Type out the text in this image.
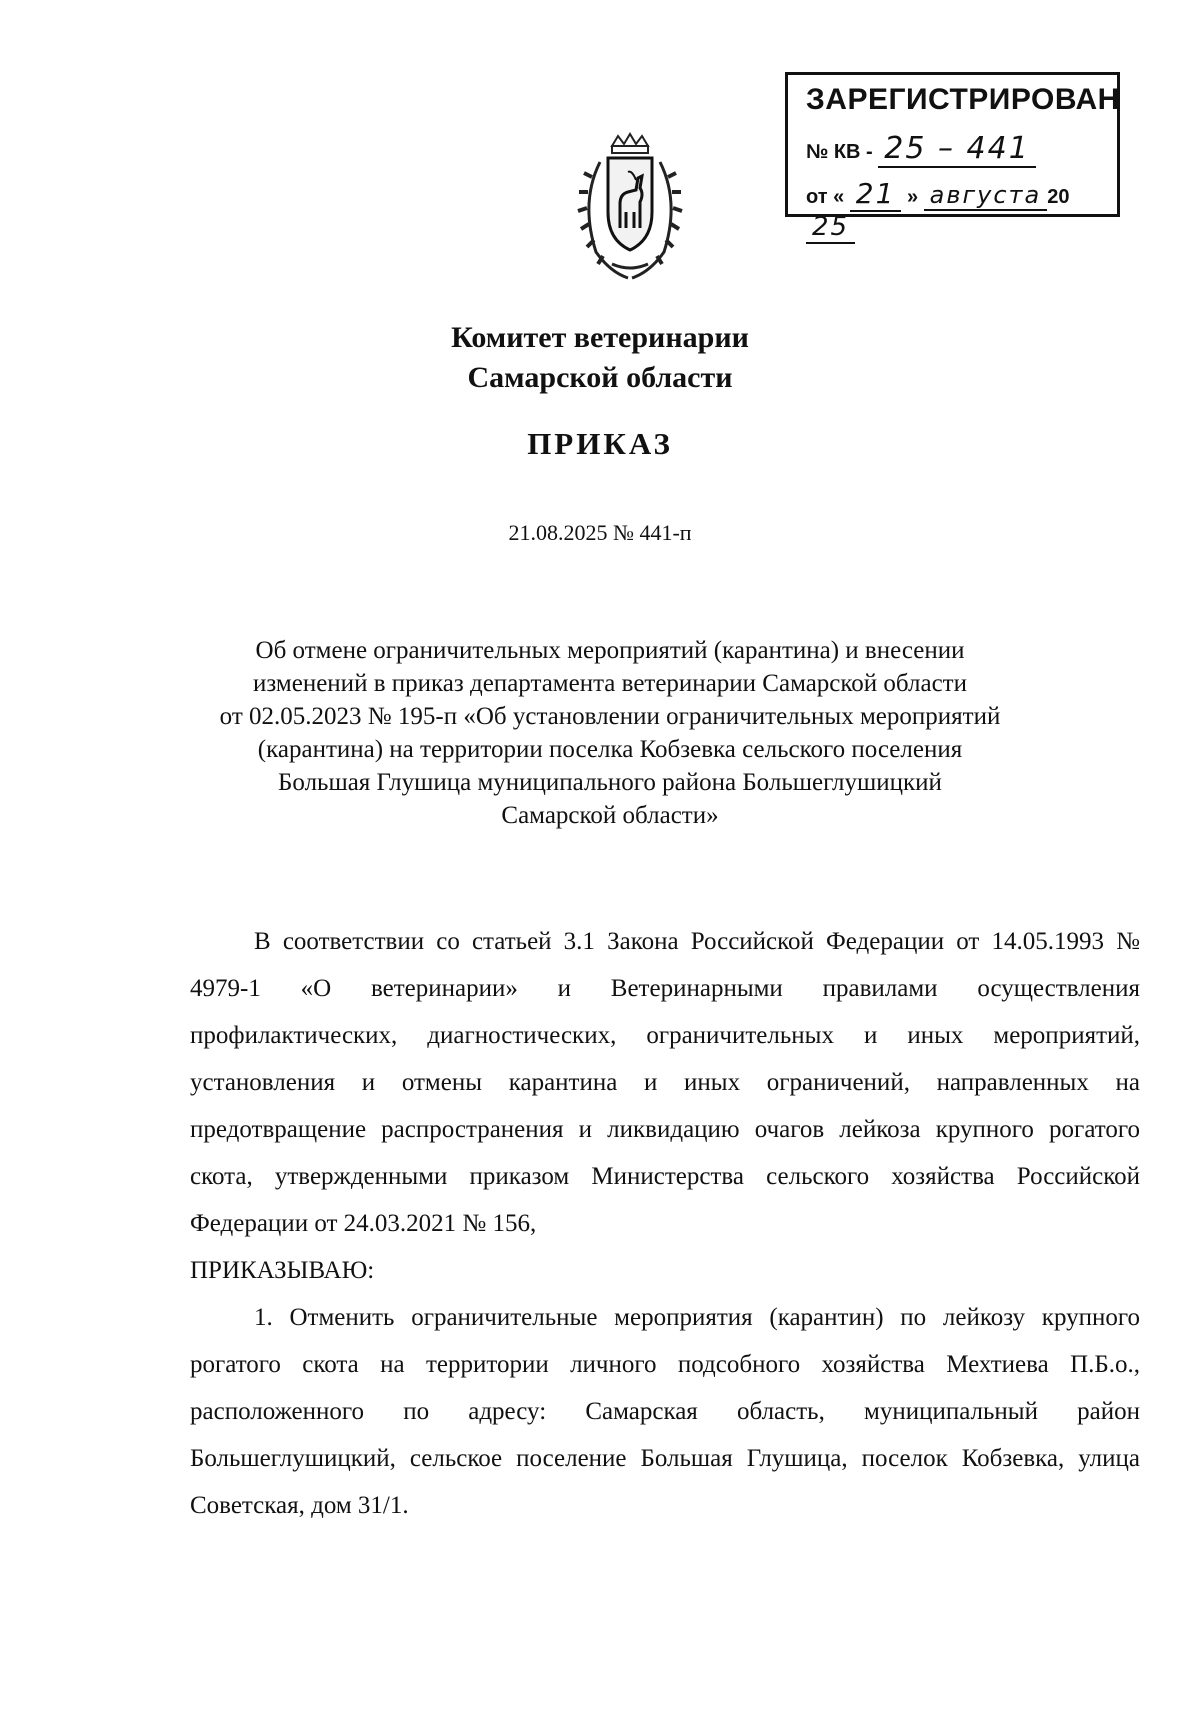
ЗАРЕГИСТРИРОВАН
№ КВ - 25 – 441
от « 21 » августа 2025
Комитет ветеринарии
Самарской области
ПРИКАЗ
21.08.2025 № 441-п
Об отмене ограничительных мероприятий (карантина) и внесении
изменений в приказ департамента ветеринарии Самарской области
от 02.05.2023 № 195-п «Об установлении ограничительных мероприятий
(карантина) на территории поселка Кобзевка сельского поселения
Большая Глушица муниципального района Большеглушицкий
Самарской области»

В соответствии со статьей 3.1 Закона Российской Федерации от 14.05.1993 № 4979-1 «О ветеринарии» и Ветеринарными правилами осуществления профилактических, диагностических, ограничительных и иных мероприятий, установления и отмены карантина и иных ограничений, направленных на предотвращение распространения и ликвидацию очагов лейкоза крупного рогатого скота, утвержденными приказом Министерства сельского хозяйства Российской Федерации от 24.03.2021 № 156,

ПРИКАЗЫВАЮ:

1. Отменить ограничительные мероприятия (карантин) по лейкозу крупного рогатого скота на территории личного подсобного хозяйства Мехтиева П.Б.о., расположенного по адресу: Самарская область, муниципальный район Большеглушицкий, сельское поселение Большая Глушица, поселок Кобзевка, улица Советская, дом 31/1.
